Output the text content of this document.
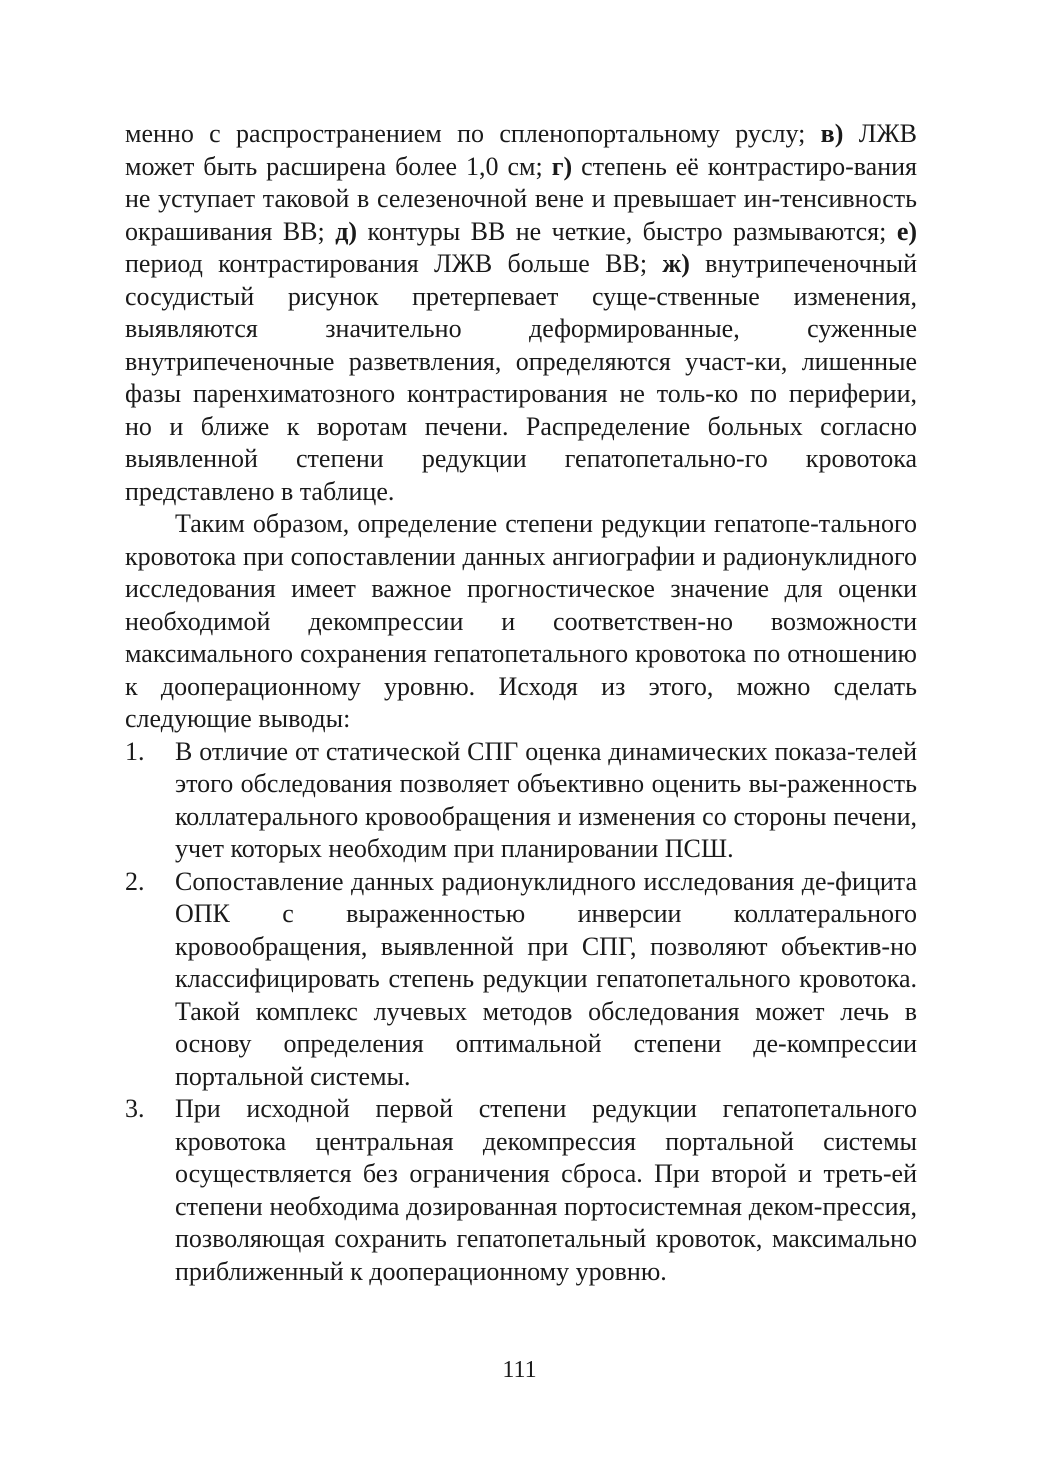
менно с распространением по спленопортальному руслу; в) ЛЖВ может быть расширена более 1,0 см; г) степень её контрастиро-вания не уступает таковой в селезеночной вене и превышает ин-тенсивность окрашивания ВВ; д) контуры ВВ не четкие, быстро размываются; е) период контрастирования ЛЖВ больше ВВ; ж) внутрипеченочный сосудистый рисунок претерпевает суще-ственные изменения, выявляются значительно деформированные, суженные внутрипеченочные разветвления, определяются участ-ки, лишенные фазы паренхиматозного контрастирования не толь-ко по периферии, но и ближе к воротам печени. Распределение больных согласно выявленной степени редукции гепатопетально-го кровотока представлено в таблице.

Таким образом, определение степени редукции гепатопе-тального кровотока при сопоставлении данных ангиографии и радионуклидного исследования имеет важное прогностическое значение для оценки необходимой декомпрессии и соответствен-но возможности максимального сохранения гепатопетального кровотока по отношению к дооперационному уровню. Исходя из этого, можно сделать следующие выводы:

1. В отличие от статической СПГ оценка динамических показа-телей этого обследования позволяет объективно оценить вы-раженность коллатерального кровообращения и изменения со стороны печени, учет которых необходим при планировании ПСШ.
2. Сопоставление данных радионуклидного исследования де-фицита ОПК с выраженностью инверсии коллатерального кровообращения, выявленной при СПГ, позволяют объектив-но классифицировать степень редукции гепатопетального кровотока. Такой комплекс лучевых методов обследования может лечь в основу определения оптимальной степени де-компрессии портальной системы.
3. При исходной первой степени редукции гепатопетального кровотока центральная декомпрессия портальной системы осуществляется без ограничения сброса. При второй и треть-ей степени необходима дозированная портосистемная деком-прессия, позволяющая сохранить гепатопетальный кровоток, максимально приближенный к дооперационному уровню.
111
